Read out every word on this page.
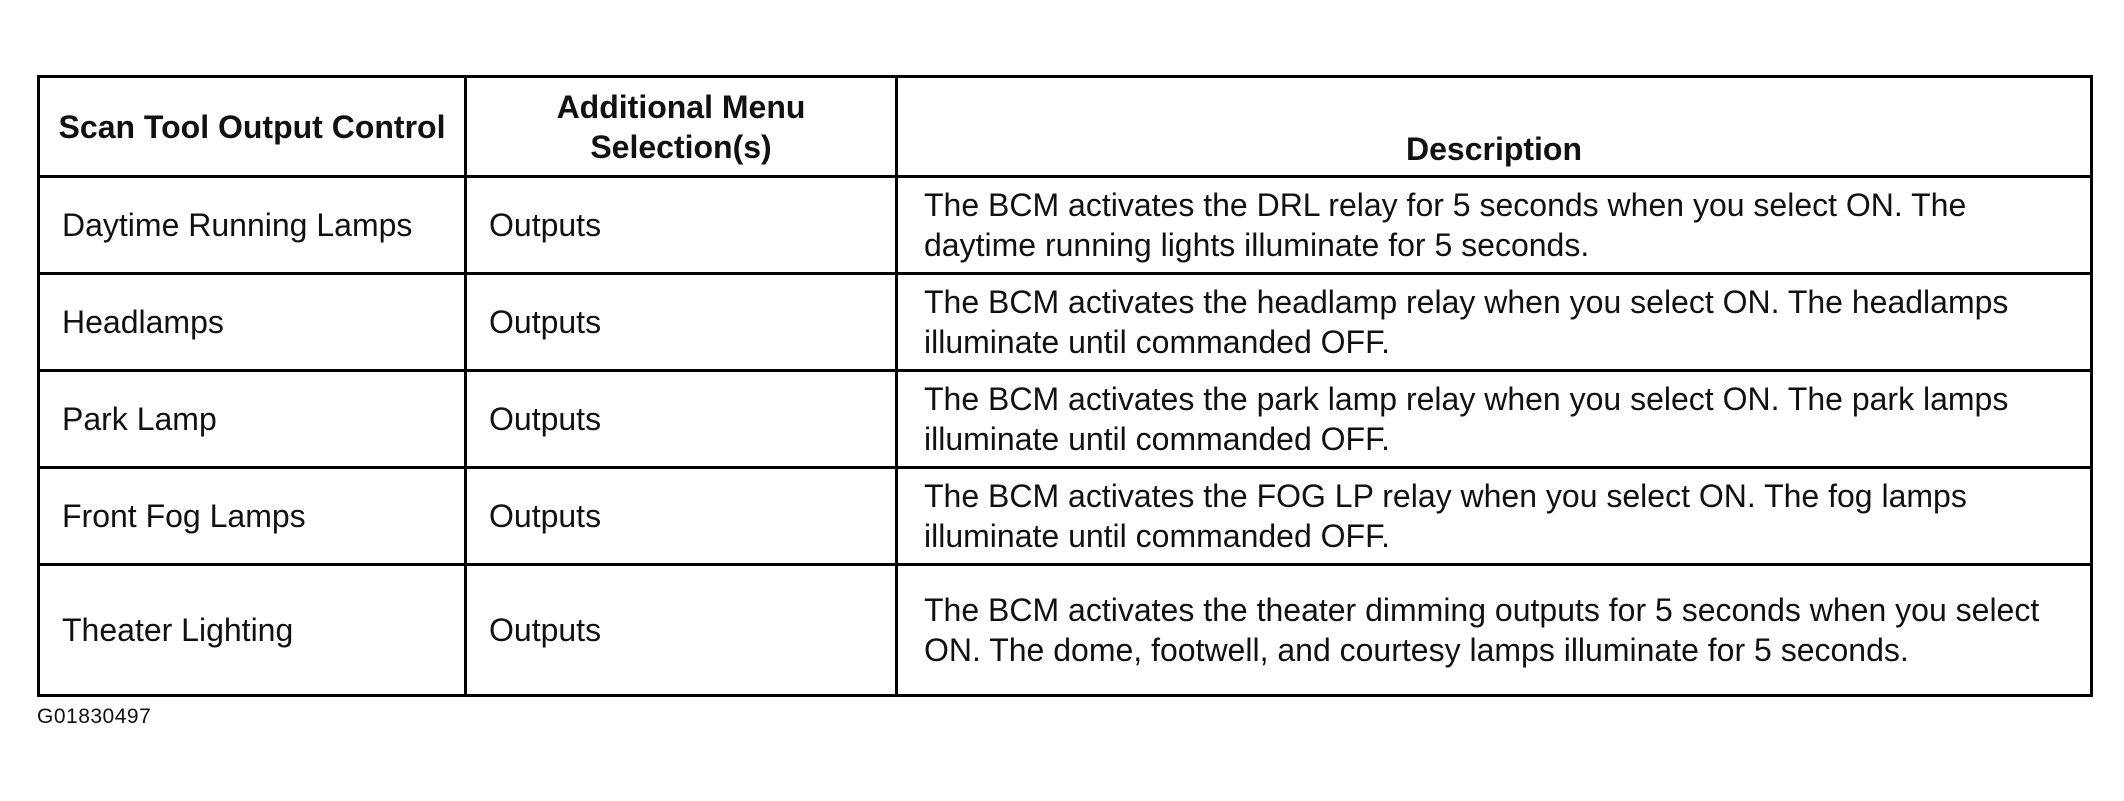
Scan Tool Output Control	Additional Menu Selection(s)	Description
Daytime Running Lamps	Outputs	The BCM activates the DRL relay for 5 seconds when you select ON. The daytime running lights illuminate for 5 seconds.
Headlamps	Outputs	The BCM activates the headlamp relay when you select ON. The headlamps illuminate until commanded OFF.
Park Lamp	Outputs	The BCM activates the park lamp relay when you select ON. The park lamps illuminate until commanded OFF.
Front Fog Lamps	Outputs	The BCM activates the FOG LP relay when you select ON. The fog lamps illuminate until commanded OFF.
Theater Lighting	Outputs	The BCM activates the theater dimming outputs for 5 seconds when you select ON. The dome, footwell, and courtesy lamps illuminate for 5 seconds.
G01830497
